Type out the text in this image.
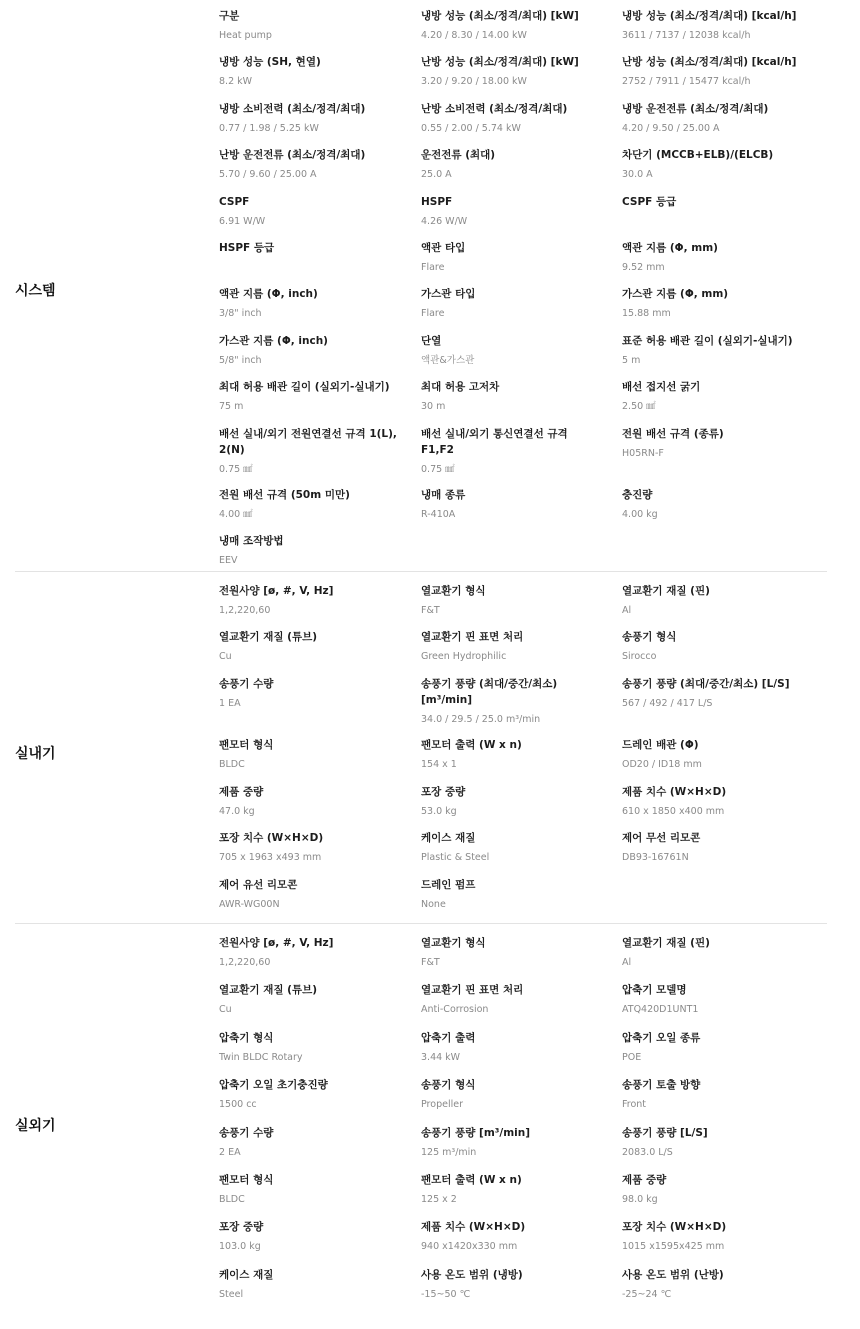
시스템
구분
Heat pump
냉방 성능 (최소/정격/최대) [kW]
4.20 / 8.30 / 14.00 kW
냉방 성능 (최소/정격/최대) [kcal/h]
3611 / 7137 / 12038 kcal/h
냉방 성능 (SH, 현열)
8.2 kW
난방 성능 (최소/정격/최대) [kW]
3.20 / 9.20 / 18.00 kW
난방 성능 (최소/정격/최대) [kcal/h]
2752 / 7911 / 15477 kcal/h
냉방 소비전력 (최소/정격/최대)
0.77 / 1.98 / 5.25 kW
난방 소비전력 (최소/정격/최대)
0.55 / 2.00 / 5.74 kW
냉방 운전전류 (최소/정격/최대)
4.20 / 9.50 / 25.00 A
난방 운전전류 (최소/정격/최대)
5.70 / 9.60 / 25.00 A
운전전류 (최대)
25.0 A
차단기 (MCCB+ELB)/(ELCB)
30.0 A
CSPF
6.91 W/W
HSPF
4.26 W/W
CSPF 등급
HSPF 등급	액관 타입
Flare
액관 지름 (Φ, mm)
9.52 mm
액관 지름 (Φ, inch)
3/8" inch
가스관 타입
Flare
가스관 지름 (Φ, mm)
15.88 mm
가스관 지름 (Φ, inch)
5/8" inch
단열
액관&가스관
표준 허용 배관 길이 (실외기-실내기)
5 m
최대 허용 배관 길이 (실외기-실내기)
75 m
최대 허용 고저차
30 m
배선 접지선 굵기
2.50 ㎟
배선 실내/외기 전원연결선 규격 1(L), 2(N)
0.75 ㎟
배선 실내/외기 통신연결선 규격 F1,F2
0.75 ㎟
전원 배선 규격 (종류)
H05RN-F
전원 배선 규격 (50m 미만)
4.00 ㎟
냉매 종류
R-410A
충진량
4.00 kg
냉매 조작방법
EEV
실내기
전원사양 [ø, #, V, Hz]
1,2,220,60
열교환기 형식
F&T
열교환기 재질 (핀)
Al
열교환기 재질 (튜브)
Cu
열교환기 핀 표면 처리
Green Hydrophilic
송풍기 형식
Sirocco
송풍기 수량
1 EA
송풍기 풍량 (최대/중간/최소) [m³/min]
34.0 / 29.5 / 25.0 m³/min
송풍기 풍량 (최대/중간/최소) [L/S]
567 / 492 / 417 L/S
팬모터 형식
BLDC
팬모터 출력 (W x n)
154 x 1
드레인 배관 (Φ)
OD20 / ID18 mm
제품 중량
47.0 kg
포장 중량
53.0 kg
제품 치수 (W×H×D)
610 x 1850 x400 mm
포장 치수 (W×H×D)
705 x 1963 x493 mm
케이스 재질
Plastic & Steel
제어 무선 리모콘
DB93-16761N
제어 유선 리모콘
AWR-WG00N
드레인 펌프
None
실외기
전원사양 [ø, #, V, Hz]
1,2,220,60
열교환기 형식
F&T
열교환기 재질 (핀)
Al
열교환기 재질 (튜브)
Cu
열교환기 핀 표면 처리
Anti-Corrosion
압축기 모델명
ATQ420D1UNT1
압축기 형식
Twin BLDC Rotary
압축기 출력
3.44 kW
압축기 오일 종류
POE
압축기 오일 초기충진량
1500 cc
송풍기 형식
Propeller
송풍기 토출 방향
Front
송풍기 수량
2 EA
송풍기 풍량 [m³/min]
125 m³/min
송풍기 풍량 [L/S]
2083.0 L/S
팬모터 형식
BLDC
팬모터 출력 (W x n)
125 x 2
제품 중량
98.0 kg
포장 중량
103.0 kg
제품 치수 (W×H×D)
940 x1420x330 mm
포장 치수 (W×H×D)
1015 x1595x425 mm
케이스 재질
Steel
사용 온도 범위 (냉방)
-15~50 ℃
사용 온도 범위 (난방)
-25~24 ℃
